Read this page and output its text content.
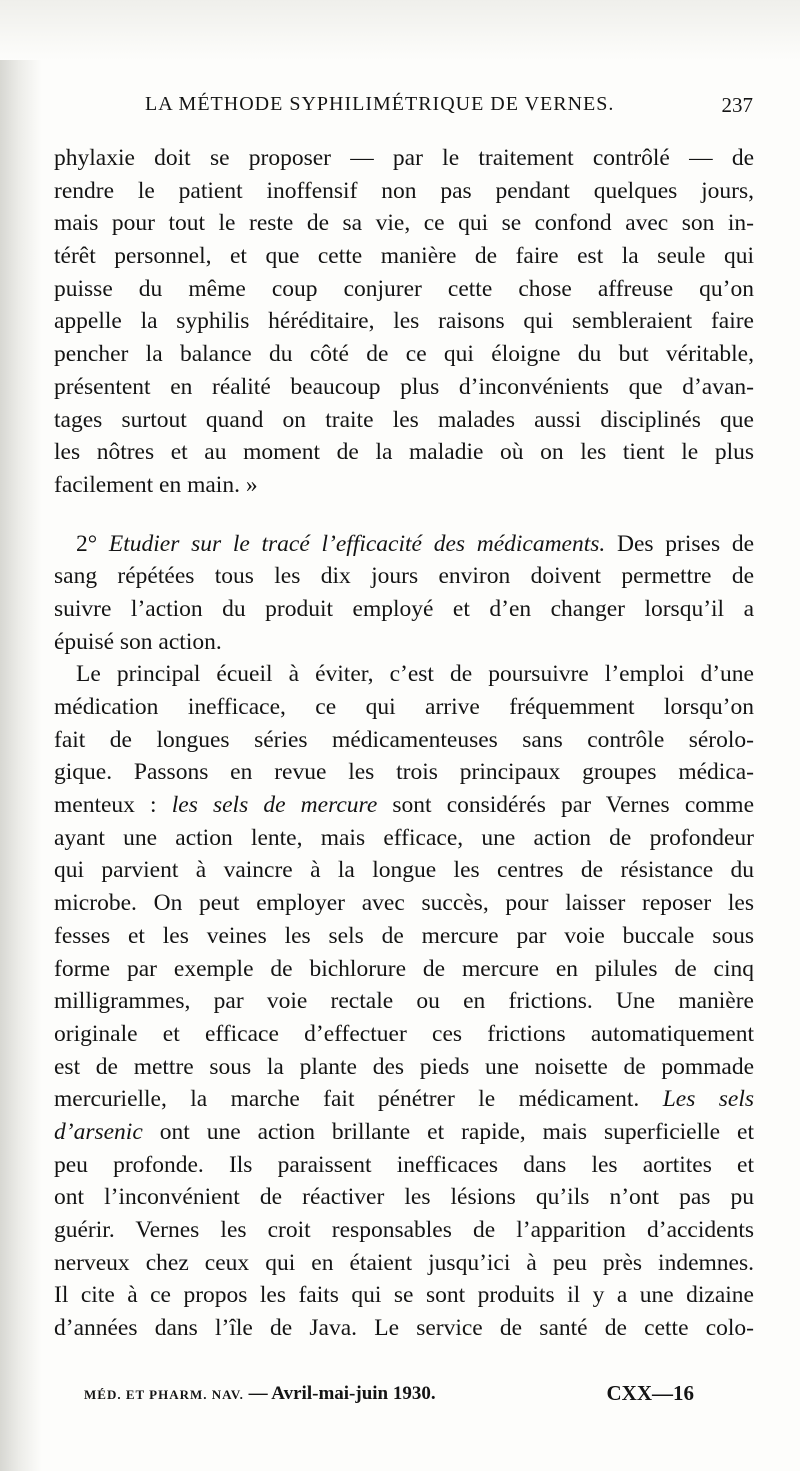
LA MÉTHODE SYPHILIMÉTRIQUE DE VERNES.	237
phylaxie doit se proposer — par le traitement contrôlé — de
rendre le patient inoffensif non pas pendant quelques jours,
mais pour tout le reste de sa vie, ce qui se confond avec son in-
térêt personnel, et que cette manière de faire est la seule qui
puisse du même coup conjurer cette chose affreuse qu’on
appelle la syphilis héréditaire, les raisons qui sembleraient faire
pencher la balance du côté de ce qui éloigne du but véritable,
présentent en réalité beaucoup plus d’inconvénients que d’avan-
tages surtout quand on traite les malades aussi disciplinés que
les nôtres et au moment de la maladie où on les tient le plus
facilement en main. »
2° Etudier sur le tracé l’efficacité des médicaments. Des prises de
sang répétées tous les dix jours environ doivent permettre de
suivre l’action du produit employé et d’en changer lorsqu’il a
épuisé son action.
Le principal écueil à éviter, c’est de poursuivre l’emploi d’une
médication inefficace, ce qui arrive fréquemment lorsqu’on
fait de longues séries médicamenteuses sans contrôle sérolo-
gique. Passons en revue les trois principaux groupes médica-
menteux : les sels de mercure sont considérés par Vernes comme
ayant une action lente, mais efficace, une action de profondeur
qui parvient à vaincre à la longue les centres de résistance du
microbe. On peut employer avec succès, pour laisser reposer les
fesses et les veines les sels de mercure par voie buccale sous
forme par exemple de bichlorure de mercure en pilules de cinq
milligrammes, par voie rectale ou en frictions. Une manière
originale et efficace d’effectuer ces frictions automatiquement
est de mettre sous la plante des pieds une noisette de pommade
mercurielle, la marche fait pénétrer le médicament. Les sels
d’arsenic ont une action brillante et rapide, mais superficielle et
peu profonde. Ils paraissent inefficaces dans les aortites et
ont l’inconvénient de réactiver les lésions qu’ils n’ont pas pu
guérir. Vernes les croit responsables de l’apparition d’accidents
nerveux chez ceux qui en étaient jusqu’ici à peu près indemnes.
Il cite à ce propos les faits qui se sont produits il y a une dizaine
d’années dans l’île de Java. Le service de santé de cette colo-
MÉD. ET PHARM. NAV. — Avril-mai-juin 1930.	CXX—16
